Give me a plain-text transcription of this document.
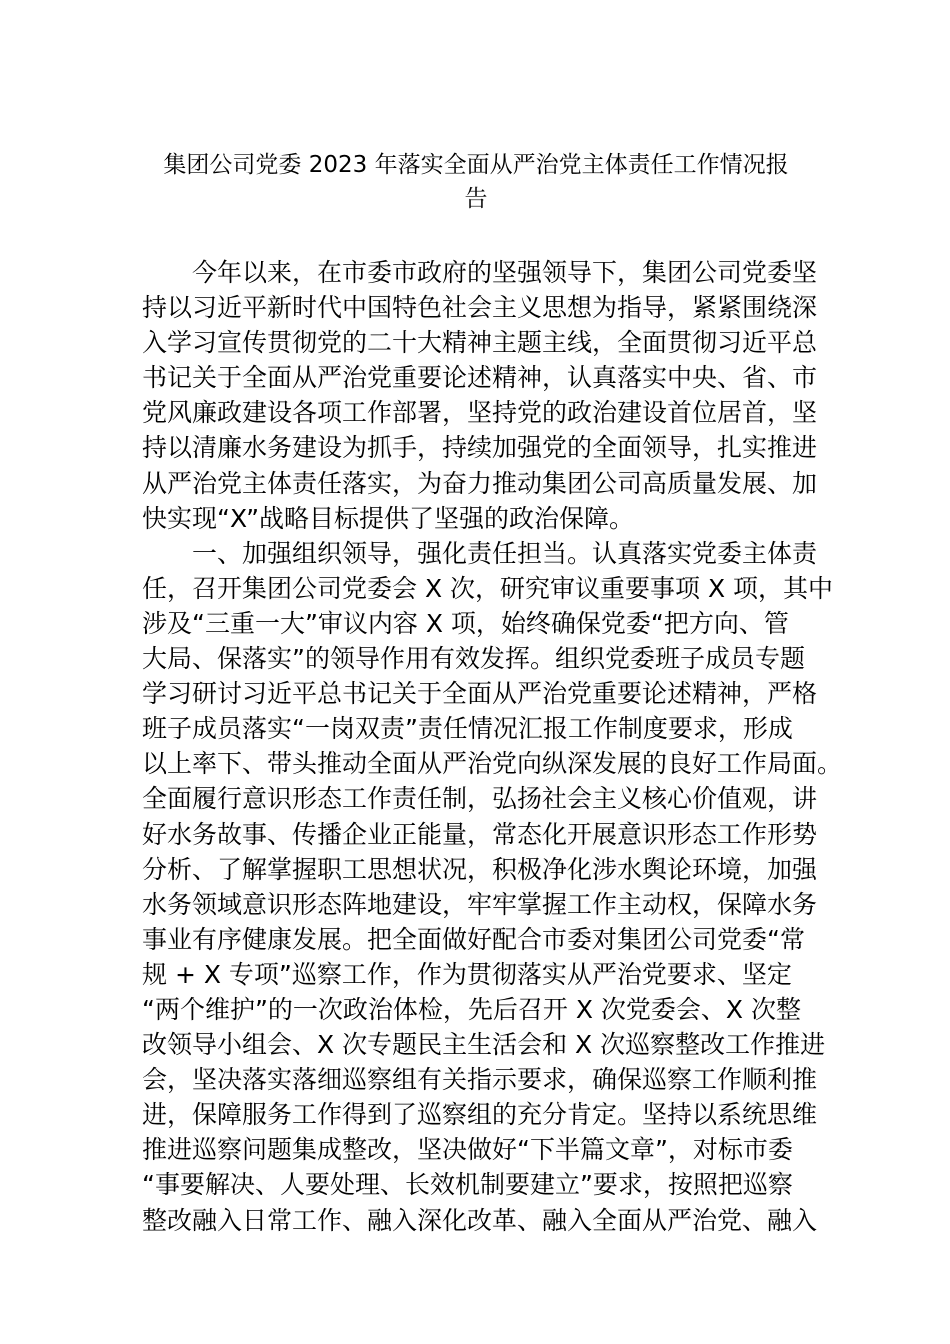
集团公司党委 2023 年落实全面从严治党主体责任工作情况报
告
今年以来，在市委市政府的坚强领导下，集团公司党委坚
持以习近平新时代中国特色社会主义思想为指导，紧紧围绕深
入学习宣传贯彻党的二十大精神主题主线，全面贯彻习近平总
书记关于全面从严治党重要论述精神，认真落实中央、省、市
党风廉政建设各项工作部署，坚持党的政治建设首位居首，坚
持以清廉水务建设为抓手，持续加强党的全面领导，扎实推进
从严治党主体责任落实，为奋力推动集团公司高质量发展、加
快实现“X”战略目标提供了坚强的政治保障。
一、加强组织领导，强化责任担当。认真落实党委主体责
任，召开集团公司党委会 X 次，研究审议重要事项 X 项，其中
涉及“三重一大”审议内容 X 项，始终确保党委“把方向、管
大局、保落实”的领导作用有效发挥。组织党委班子成员专题
学习研讨习近平总书记关于全面从严治党重要论述精神，严格
班子成员落实“一岗双责”责任情况汇报工作制度要求，形成
以上率下、带头推动全面从严治党向纵深发展的良好工作局面。
全面履行意识形态工作责任制，弘扬社会主义核心价值观，讲
好水务故事、传播企业正能量，常态化开展意识形态工作形势
分析、了解掌握职工思想状况，积极净化涉水舆论环境，加强
水务领域意识形态阵地建设，牢牢掌握工作主动权，保障水务
事业有序健康发展。把全面做好配合市委对集团公司党委“常
规 + X 专项”巡察工作，作为贯彻落实从严治党要求、坚定
“两个维护”的一次政治体检，先后召开 X 次党委会、X 次整
改领导小组会、X 次专题民主生活会和 X 次巡察整改工作推进
会，坚决落实落细巡察组有关指示要求，确保巡察工作顺利推
进，保障服务工作得到了巡察组的充分肯定。坚持以系统思维
推进巡察问题集成整改，坚决做好“下半篇文章”，对标市委
“事要解决、人要处理、长效机制要建立”要求，按照把巡察
整改融入日常工作、融入深化改革、融入全面从严治党、融入
